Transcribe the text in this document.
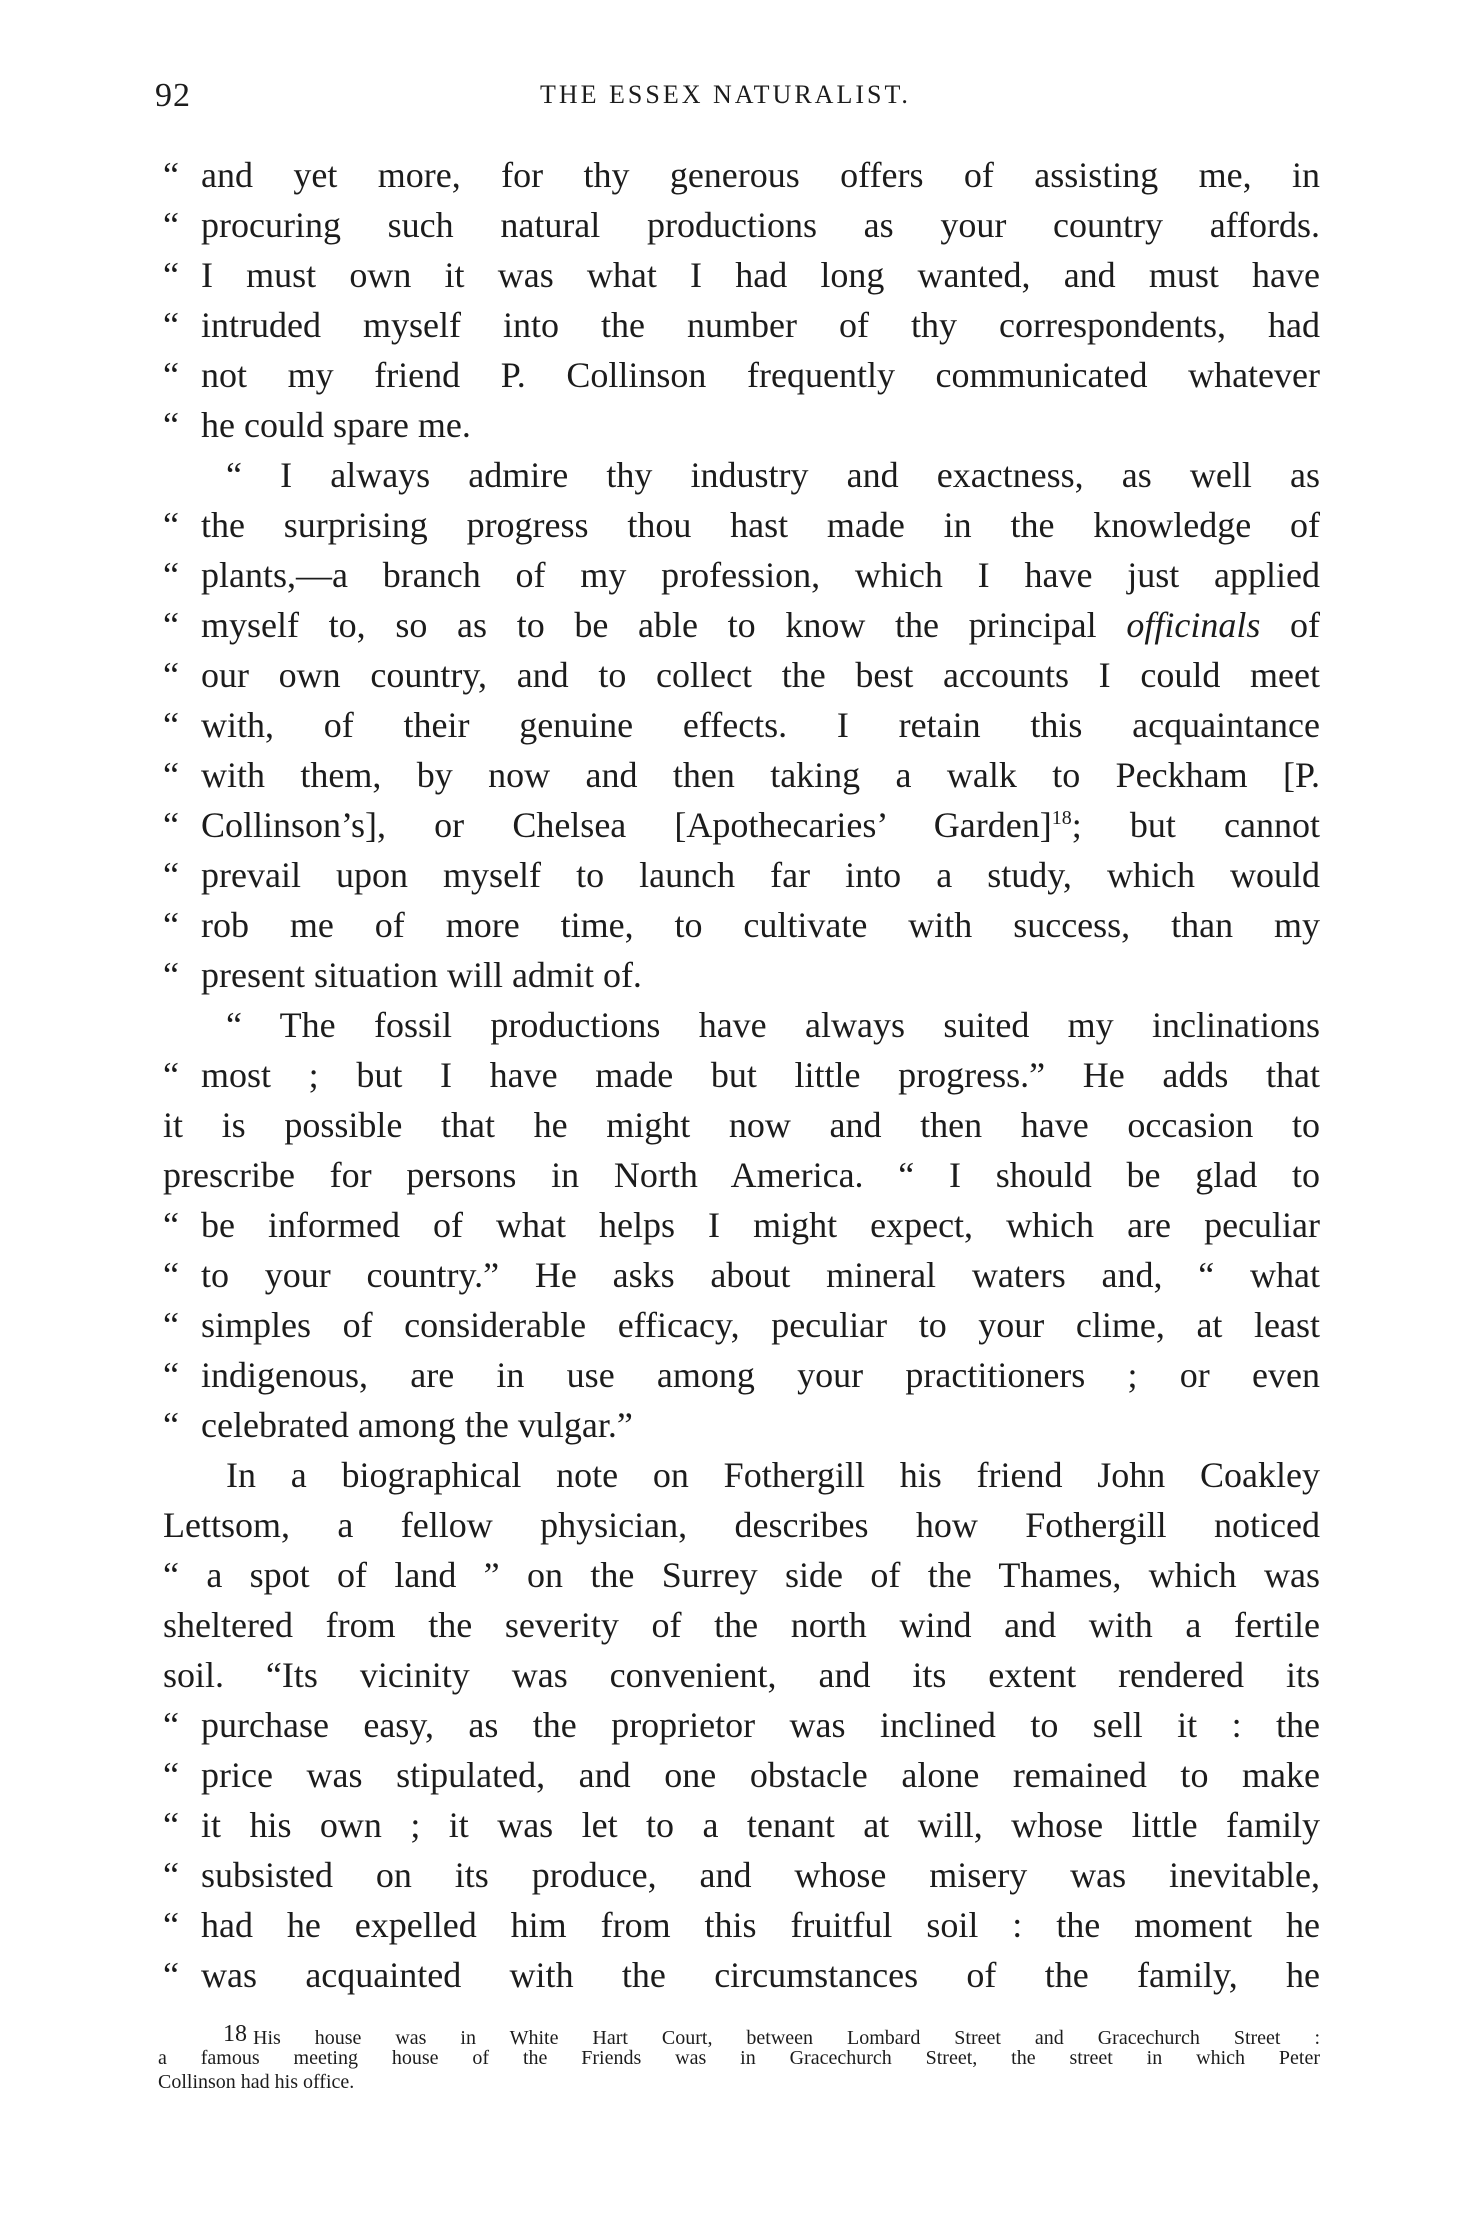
92	THE ESSEX NATURALIST.
“ and yet more, for thy generous offers of assisting me, in
“ procuring such natural productions as your country affords.
“ I must own it was what I had long wanted, and must have
“ intruded myself into the number of thy correspondents, had
“ not my friend P. Collinson frequently communicated whatever
“ he could spare me.
“ I always admire thy industry and exactness, as well as
“ the surprising progress thou hast made in the knowledge of
“ plants,—a branch of my profession, which I have just applied
“ myself to, so as to be able to know the principal officinals of
“ our own country, and to collect the best accounts I could meet
“ with, of their genuine effects. I retain this acquaintance
“ with them, by now and then taking a walk to Peckham [P.
“ Collinson’s], or Chelsea [Apothecaries’ Garden]$^{18}$; but cannot
“ prevail upon myself to launch far into a study, which would
“ rob me of more time, to cultivate with success, than my
“ present situation will admit of.
“ The fossil productions have always suited my inclinations
“ most ; but I have made but little progress.” He adds that
it is possible that he might now and then have occasion to
prescribe for persons in North America. “ I should be glad to
“ be informed of what helps I might expect, which are peculiar
“ to your country.” He asks about mineral waters and, “ what
“ simples of considerable efficacy, peculiar to your clime, at least
“ indigenous, are in use among your practitioners ; or even
“ celebrated among the vulgar.”
In a biographical note on Fothergill his friend John Coakley
Lettsom, a fellow physician, describes how Fothergill noticed
“ a spot of land ” on the Surrey side of the Thames, which was
sheltered from the severity of the north wind and with a fertile
soil. “Its vicinity was convenient, and its extent rendered its
“ purchase easy, as the proprietor was inclined to sell it : the
“ price was stipulated, and one obstacle alone remained to make
“ it his own ; it was let to a tenant at will, whose little family
“ subsisted on its produce, and whose misery was inevitable,
“ had he expelled him from this fruitful soil : the moment he
“ was acquainted with the circumstances of the family, he
18 His house was in White Hart Court, between Lombard Street and Gracechurch Street :
a famous meeting house of the Friends was in Gracechurch Street, the street in which Peter
Collinson had his office.
